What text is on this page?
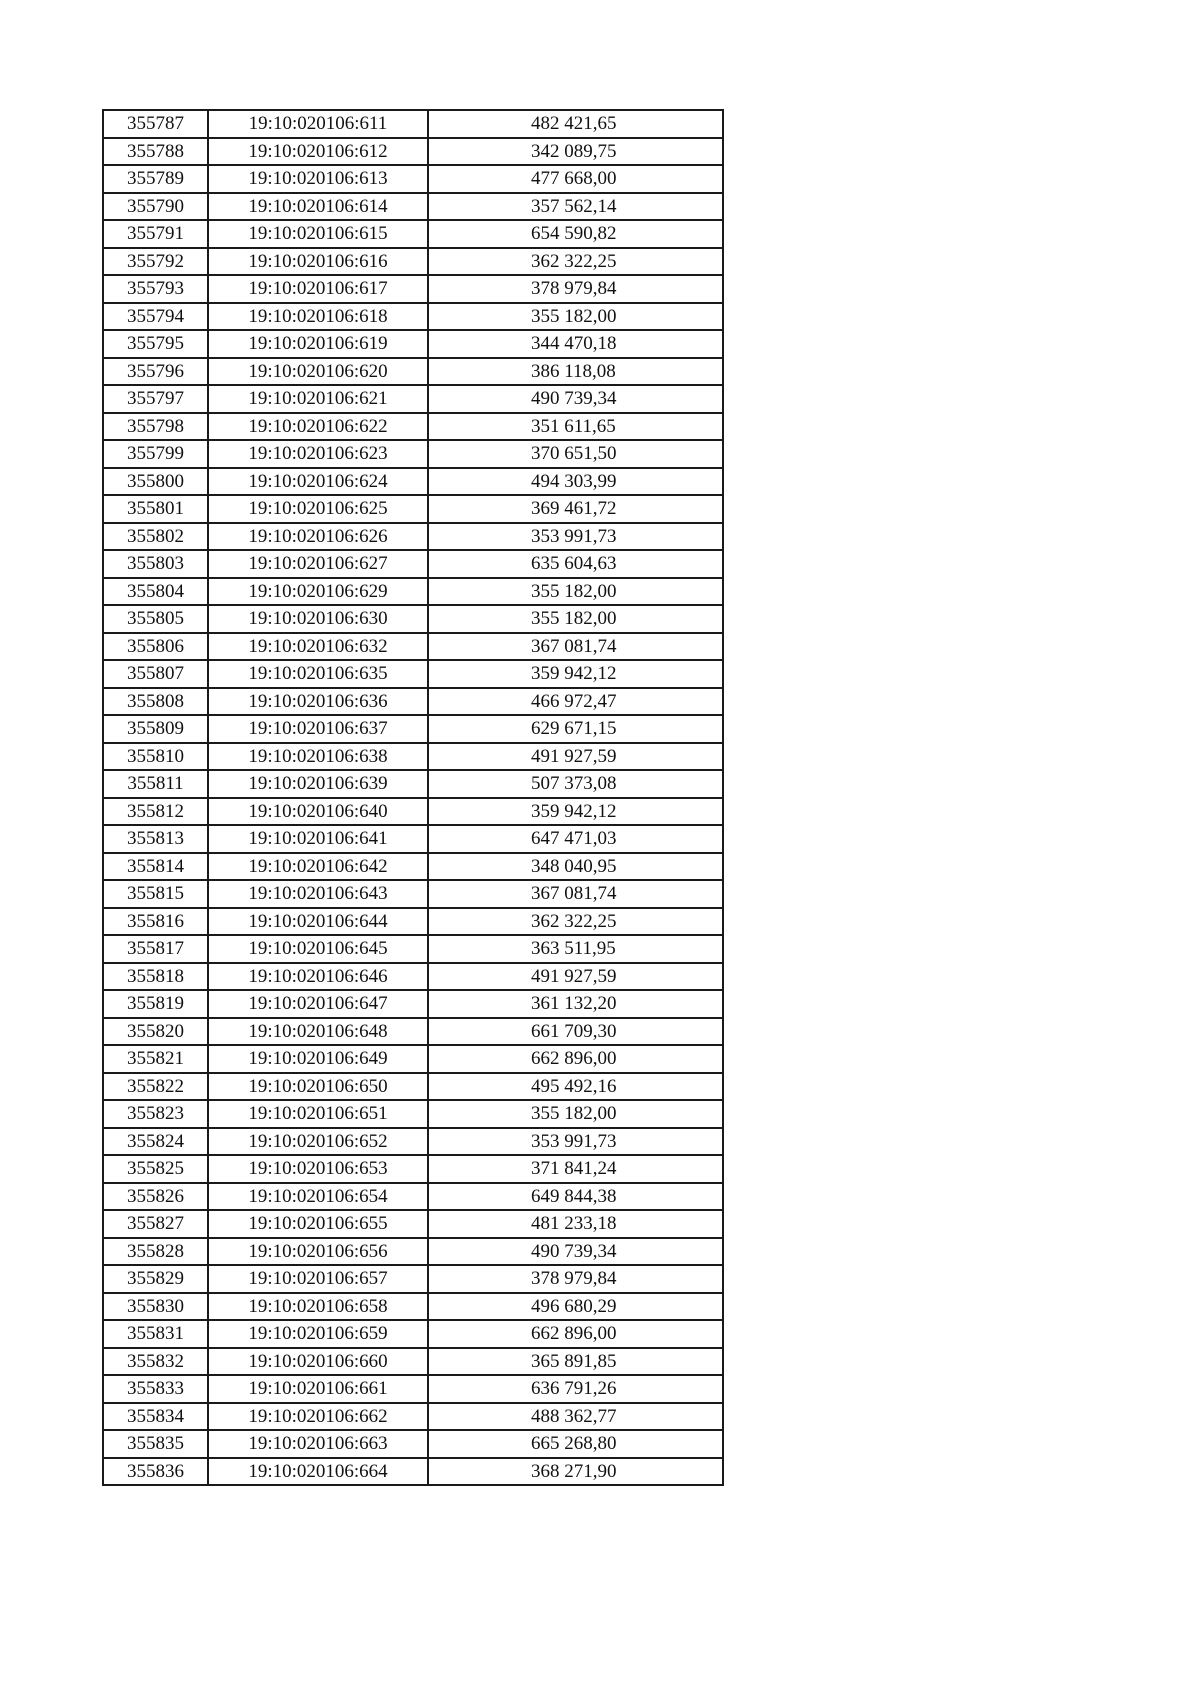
355787	19:10:020106:611	482 421,65
355788	19:10:020106:612	342 089,75
355789	19:10:020106:613	477 668,00
355790	19:10:020106:614	357 562,14
355791	19:10:020106:615	654 590,82
355792	19:10:020106:616	362 322,25
355793	19:10:020106:617	378 979,84
355794	19:10:020106:618	355 182,00
355795	19:10:020106:619	344 470,18
355796	19:10:020106:620	386 118,08
355797	19:10:020106:621	490 739,34
355798	19:10:020106:622	351 611,65
355799	19:10:020106:623	370 651,50
355800	19:10:020106:624	494 303,99
355801	19:10:020106:625	369 461,72
355802	19:10:020106:626	353 991,73
355803	19:10:020106:627	635 604,63
355804	19:10:020106:629	355 182,00
355805	19:10:020106:630	355 182,00
355806	19:10:020106:632	367 081,74
355807	19:10:020106:635	359 942,12
355808	19:10:020106:636	466 972,47
355809	19:10:020106:637	629 671,15
355810	19:10:020106:638	491 927,59
355811	19:10:020106:639	507 373,08
355812	19:10:020106:640	359 942,12
355813	19:10:020106:641	647 471,03
355814	19:10:020106:642	348 040,95
355815	19:10:020106:643	367 081,74
355816	19:10:020106:644	362 322,25
355817	19:10:020106:645	363 511,95
355818	19:10:020106:646	491 927,59
355819	19:10:020106:647	361 132,20
355820	19:10:020106:648	661 709,30
355821	19:10:020106:649	662 896,00
355822	19:10:020106:650	495 492,16
355823	19:10:020106:651	355 182,00
355824	19:10:020106:652	353 991,73
355825	19:10:020106:653	371 841,24
355826	19:10:020106:654	649 844,38
355827	19:10:020106:655	481 233,18
355828	19:10:020106:656	490 739,34
355829	19:10:020106:657	378 979,84
355830	19:10:020106:658	496 680,29
355831	19:10:020106:659	662 896,00
355832	19:10:020106:660	365 891,85
355833	19:10:020106:661	636 791,26
355834	19:10:020106:662	488 362,77
355835	19:10:020106:663	665 268,80
355836	19:10:020106:664	368 271,90
